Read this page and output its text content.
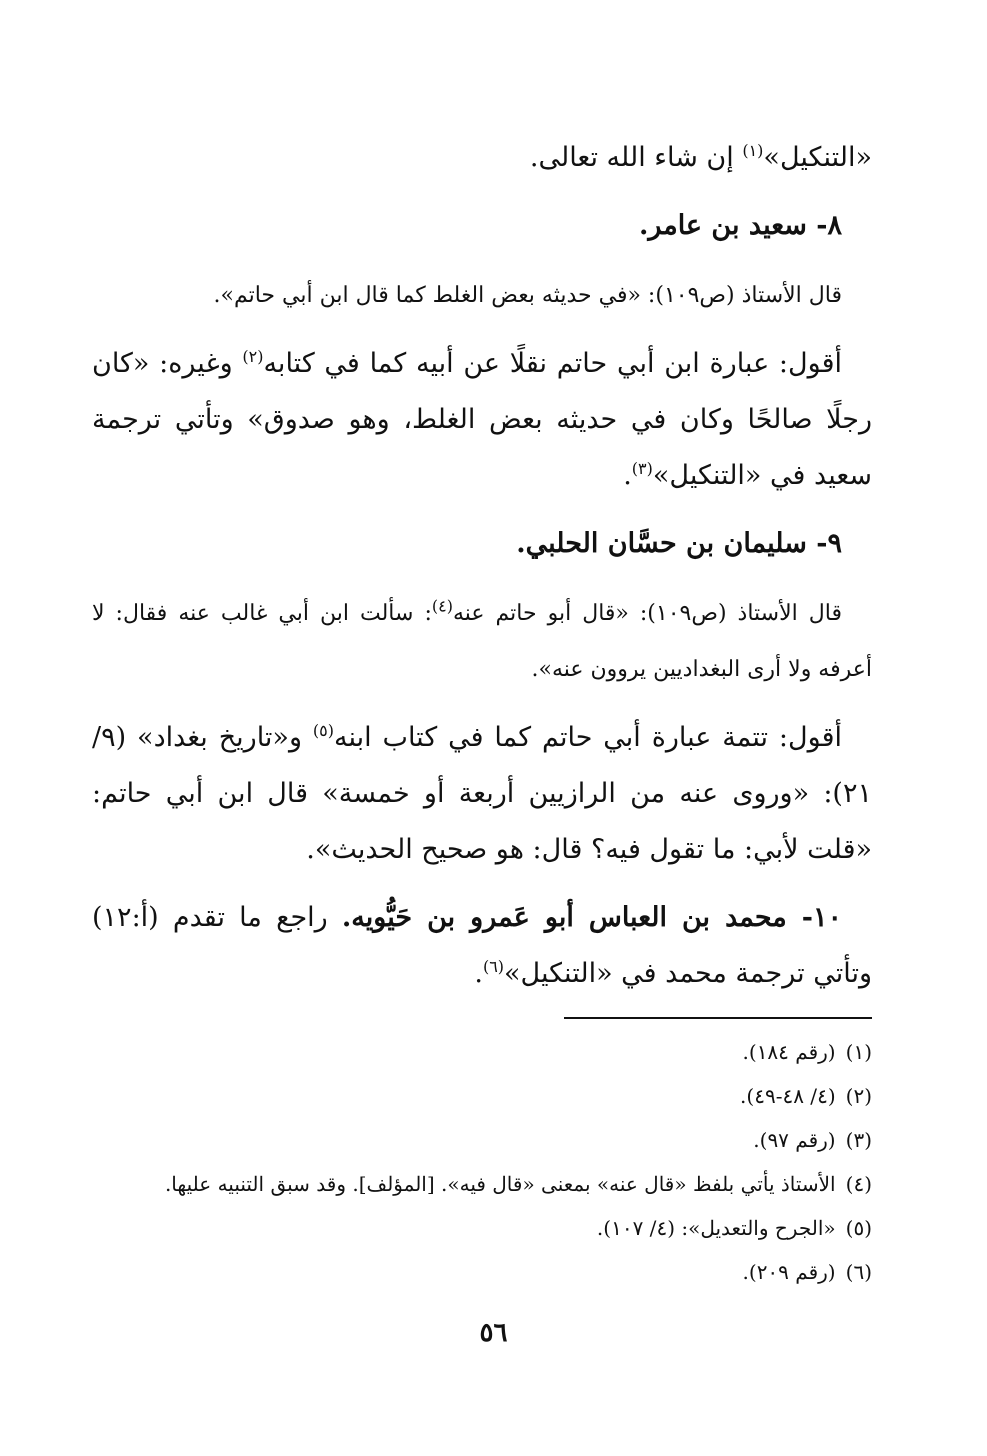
«التنكيل»$^{(١)}$ إن شاء الله تعالى.

٨- سعيد بن عامر.

قال الأستاذ (ص١٠٩): «في حديثه بعض الغلط كما قال ابن أبي حاتم».

أقول: عبارة ابن أبي حاتم نقلًا عن أبيه كما في كتابه$^{(٢)}$ وغيره: «كان رجلًا صالحًا وكان في حديثه بعض الغلط، وهو صدوق» وتأتي ترجمة سعيد في «التنكيل»$^{(٣)}$.

٩- سليمان بن حسَّان الحلبي.

قال الأستاذ (ص١٠٩): «قال أبو حاتم عنه$^{(٤)}$: سألت ابن أبي غالب عنه فقال: لا أعرفه ولا أرى البغداديين يروون عنه».

أقول: تتمة عبارة أبي حاتم كما في كتاب ابنه$^{(٥)}$ و«تاريخ بغداد» (٩/ ٢١): «وروى عنه من الرازيين أربعة أو خمسة» قال ابن أبي حاتم: «قلت لأبي: ما تقول فيه؟ قال: هو صحيح الحديث».

١٠- محمد بن العباس أبو عَمرو بن حَيُّويه. راجع ما تقدم (أ:١٢) وتأتي ترجمة محمد في «التنكيل»$^{(٦)}$.

(١)(رقم ١٨٤).
(٢)(٤/ ٤٨-٤٩).
(٣)(رقم ٩٧).
(٤)الأستاذ يأتي بلفظ «قال عنه» بمعنى «قال فيه». [المؤلف]. وقد سبق التنبيه عليها.
(٥)«الجرح والتعديل»: (٤/ ١٠٧).
(٦)(رقم ٢٠٩).
٥٦
